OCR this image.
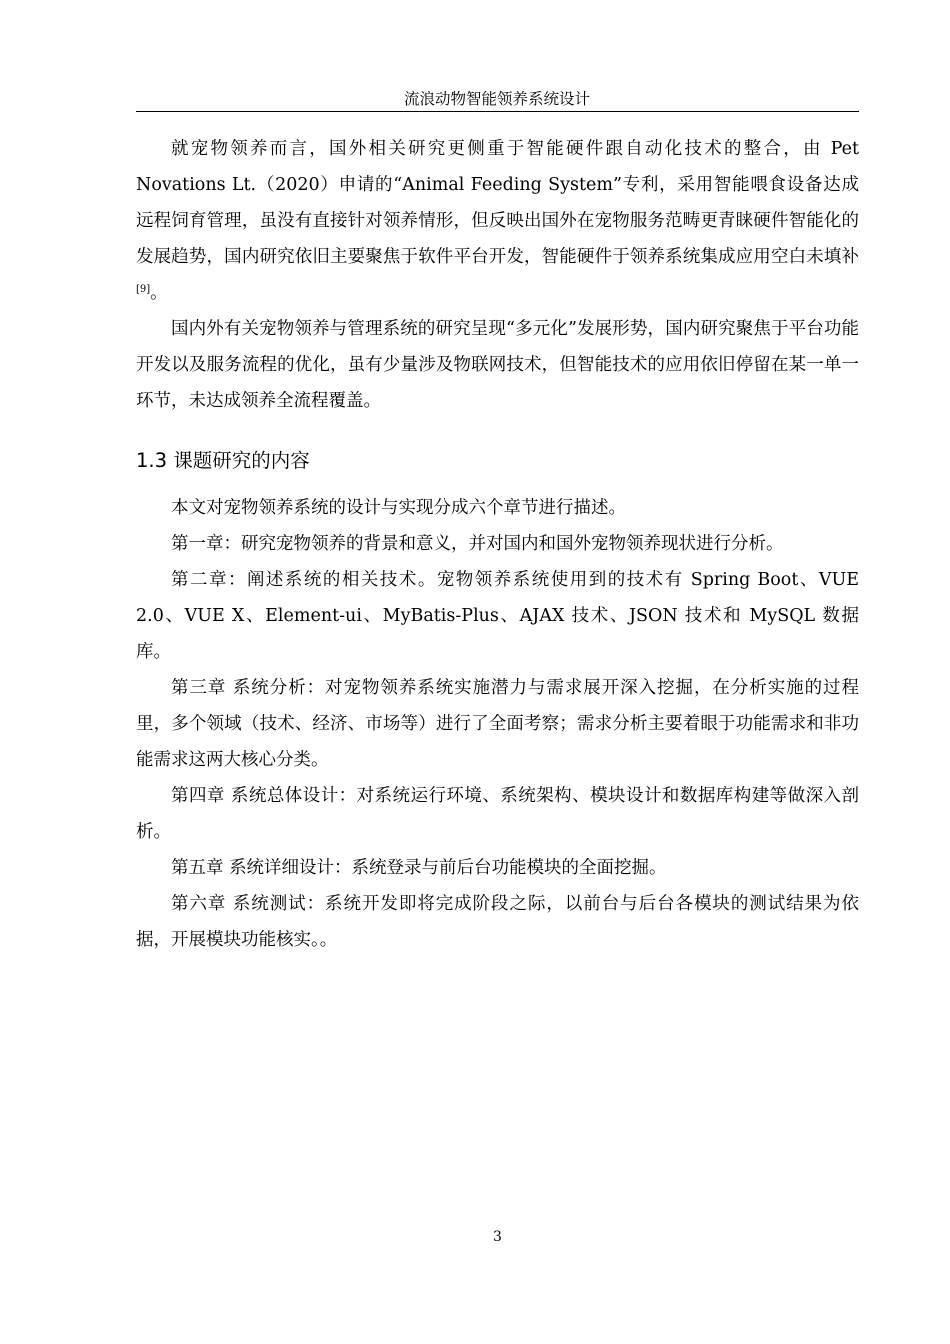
流浪动物智能领养系统设计

就宠物领养而言，国外相关研究更侧重于智能硬件跟自动化技术的整合，由 Pet Novations Lt.（2020）申请的“Animal Feeding System”专利，采用智能喂食设备达成远程饲育管理，虽没有直接针对领养情形，但反映出国外在宠物服务范畴更青睐硬件智能化的发展趋势，国内研究依旧主要聚焦于软件平台开发，智能硬件于领养系统集成应用空白未填补[9]。

国内外有关宠物领养与管理系统的研究呈现“多元化”发展形势，国内研究聚焦于平台功能开发以及服务流程的优化，虽有少量涉及物联网技术，但智能技术的应用依旧停留在某一单一环节，未达成领养全流程覆盖。

1.3 课题研究的内容

本文对宠物领养系统的设计与实现分成六个章节进行描述。

第一章：研究宠物领养的背景和意义，并对国内和国外宠物领养现状进行分析。

第二章：阐述系统的相关技术。宠物领养系统使用到的技术有 Spring Boot、VUE 2.0、VUE X、Element-ui、MyBatis-Plus、AJAX 技术、JSON 技术和 MySQL 数据库。

第三章 系统分析：对宠物领养系统实施潜力与需求展开深入挖掘，在分析实施的过程里，多个领域（技术、经济、市场等）进行了全面考察；需求分析主要着眼于功能需求和非功能需求这两大核心分类。

第四章 系统总体设计：对系统运行环境、系统架构、模块设计和数据库构建等做深入剖析。

第五章 系统详细设计：系统登录与前后台功能模块的全面挖掘。

第六章 系统测试：系统开发即将完成阶段之际，以前台与后台各模块的测试结果为依据，开展模块功能核实。。

3
